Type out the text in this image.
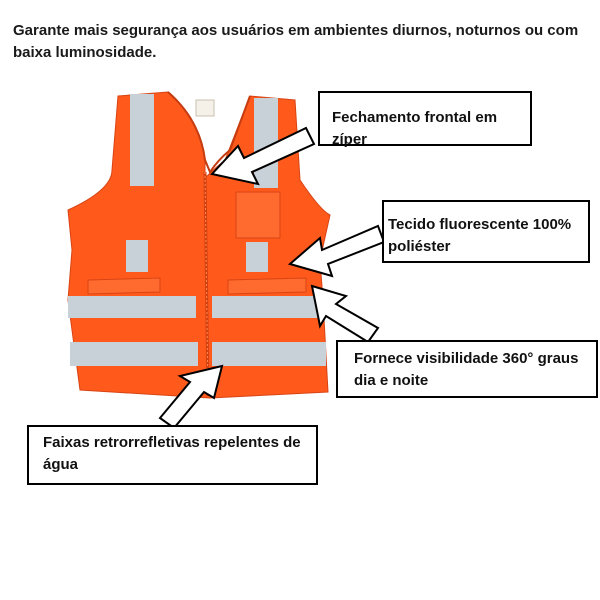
Garante mais segurança aos usuários em ambientes diurnos, noturnos ou com baixa luminosidade.

Fechamento frontal em zíper
Tecido fluorescente 100% poliéster
Fornece visibilidade 360° graus dia e noite
Faixas retrorrefletivas repelentes de água
